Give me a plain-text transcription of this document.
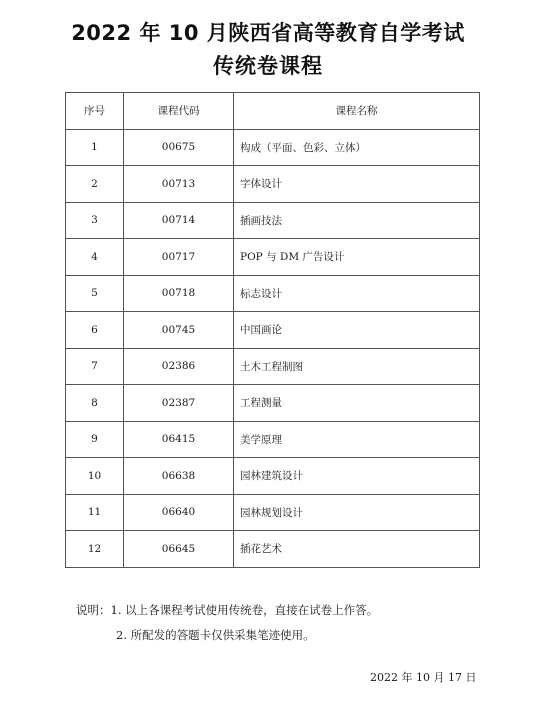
2022 年 10 月陕西省高等教育自学考试
传统卷课程
序号	课程代码	课程名称
1	00675	构成（平面、色彩、立体）
2	00713	字体设计
3	00714	插画技法
4	00717	POP 与 DM 广告设计
5	00718	标志设计
6	00745	中国画论
7	02386	土木工程制图
8	02387	工程测量
9	06415	美学原理
10	06638	园林建筑设计
11	06640	园林规划设计
12	06645	插花艺术
说明：1. 以上各课程考试使用传统卷，直接在试卷上作答。
2. 所配发的答题卡仅供采集笔迹使用。
2022 年 10 月 17 日
